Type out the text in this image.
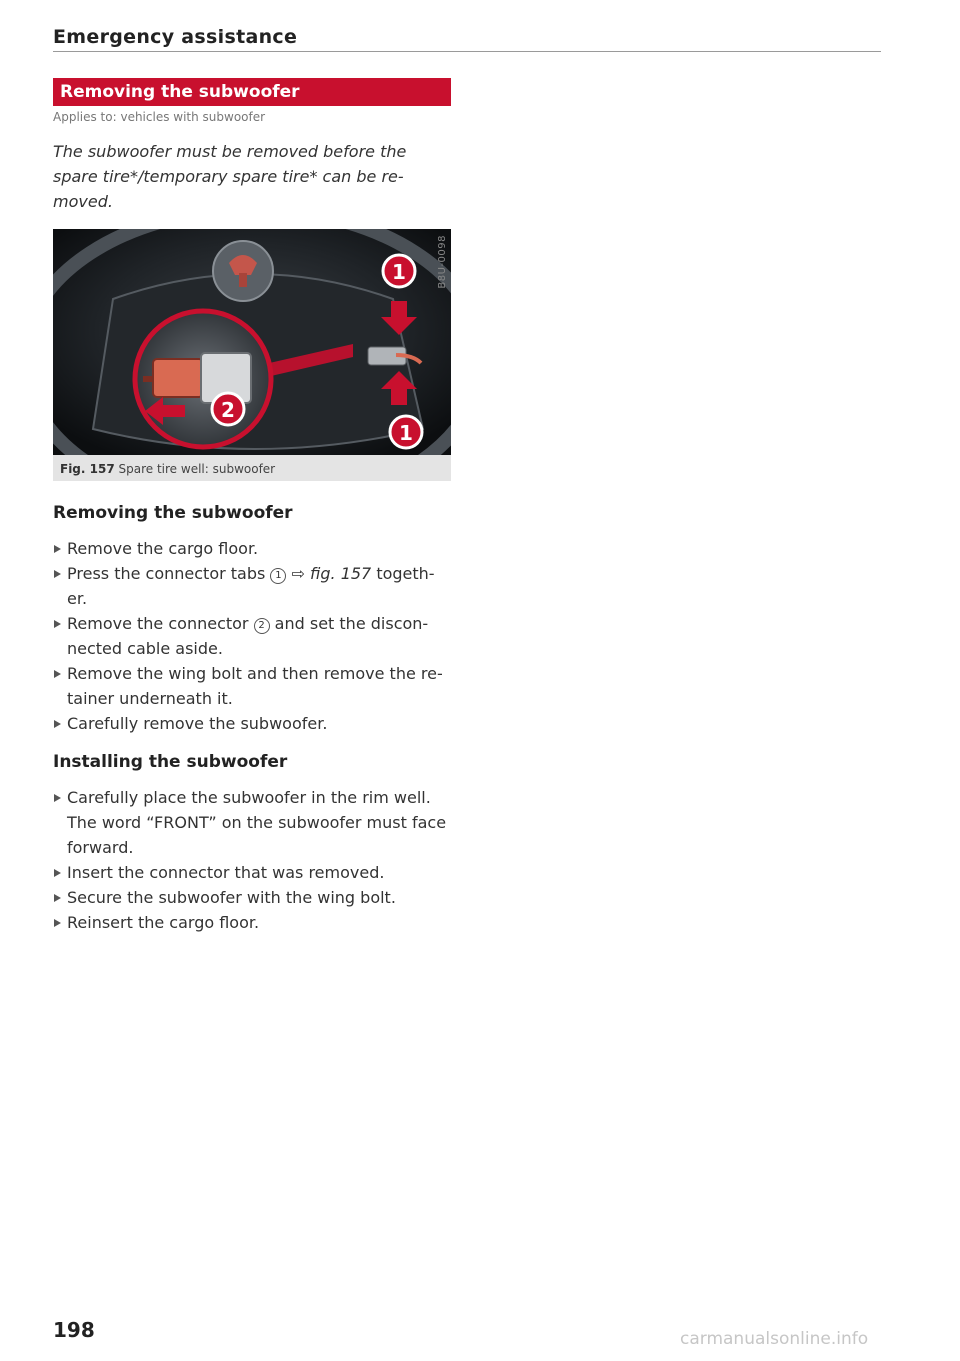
Emergency assistance
Removing the subwoofer
Applies to: vehicles with subwoofer
The subwoofer must be removed before the
spare tire*/temporary spare tire* can be re-
moved.
1
2
1
B8U-0098
Fig. 157 Spare tire well: subwoofer
Removing the subwoofer
Remove the cargo floor.
Press the connector tabs 1 ⇨ fig. 157 togeth-
er.
Remove the connector 2 and set the discon-
nected cable aside.
Remove the wing bolt and then remove the re-
tainer underneath it.
Carefully remove the subwoofer.
Installing the subwoofer
Carefully place the subwoofer in the rim well.
The word “FRONT” on the subwoofer must face
forward.
Insert the connector that was removed.
Secure the subwoofer with the wing bolt.
Reinsert the cargo floor.
198	carmanualsonline.info
